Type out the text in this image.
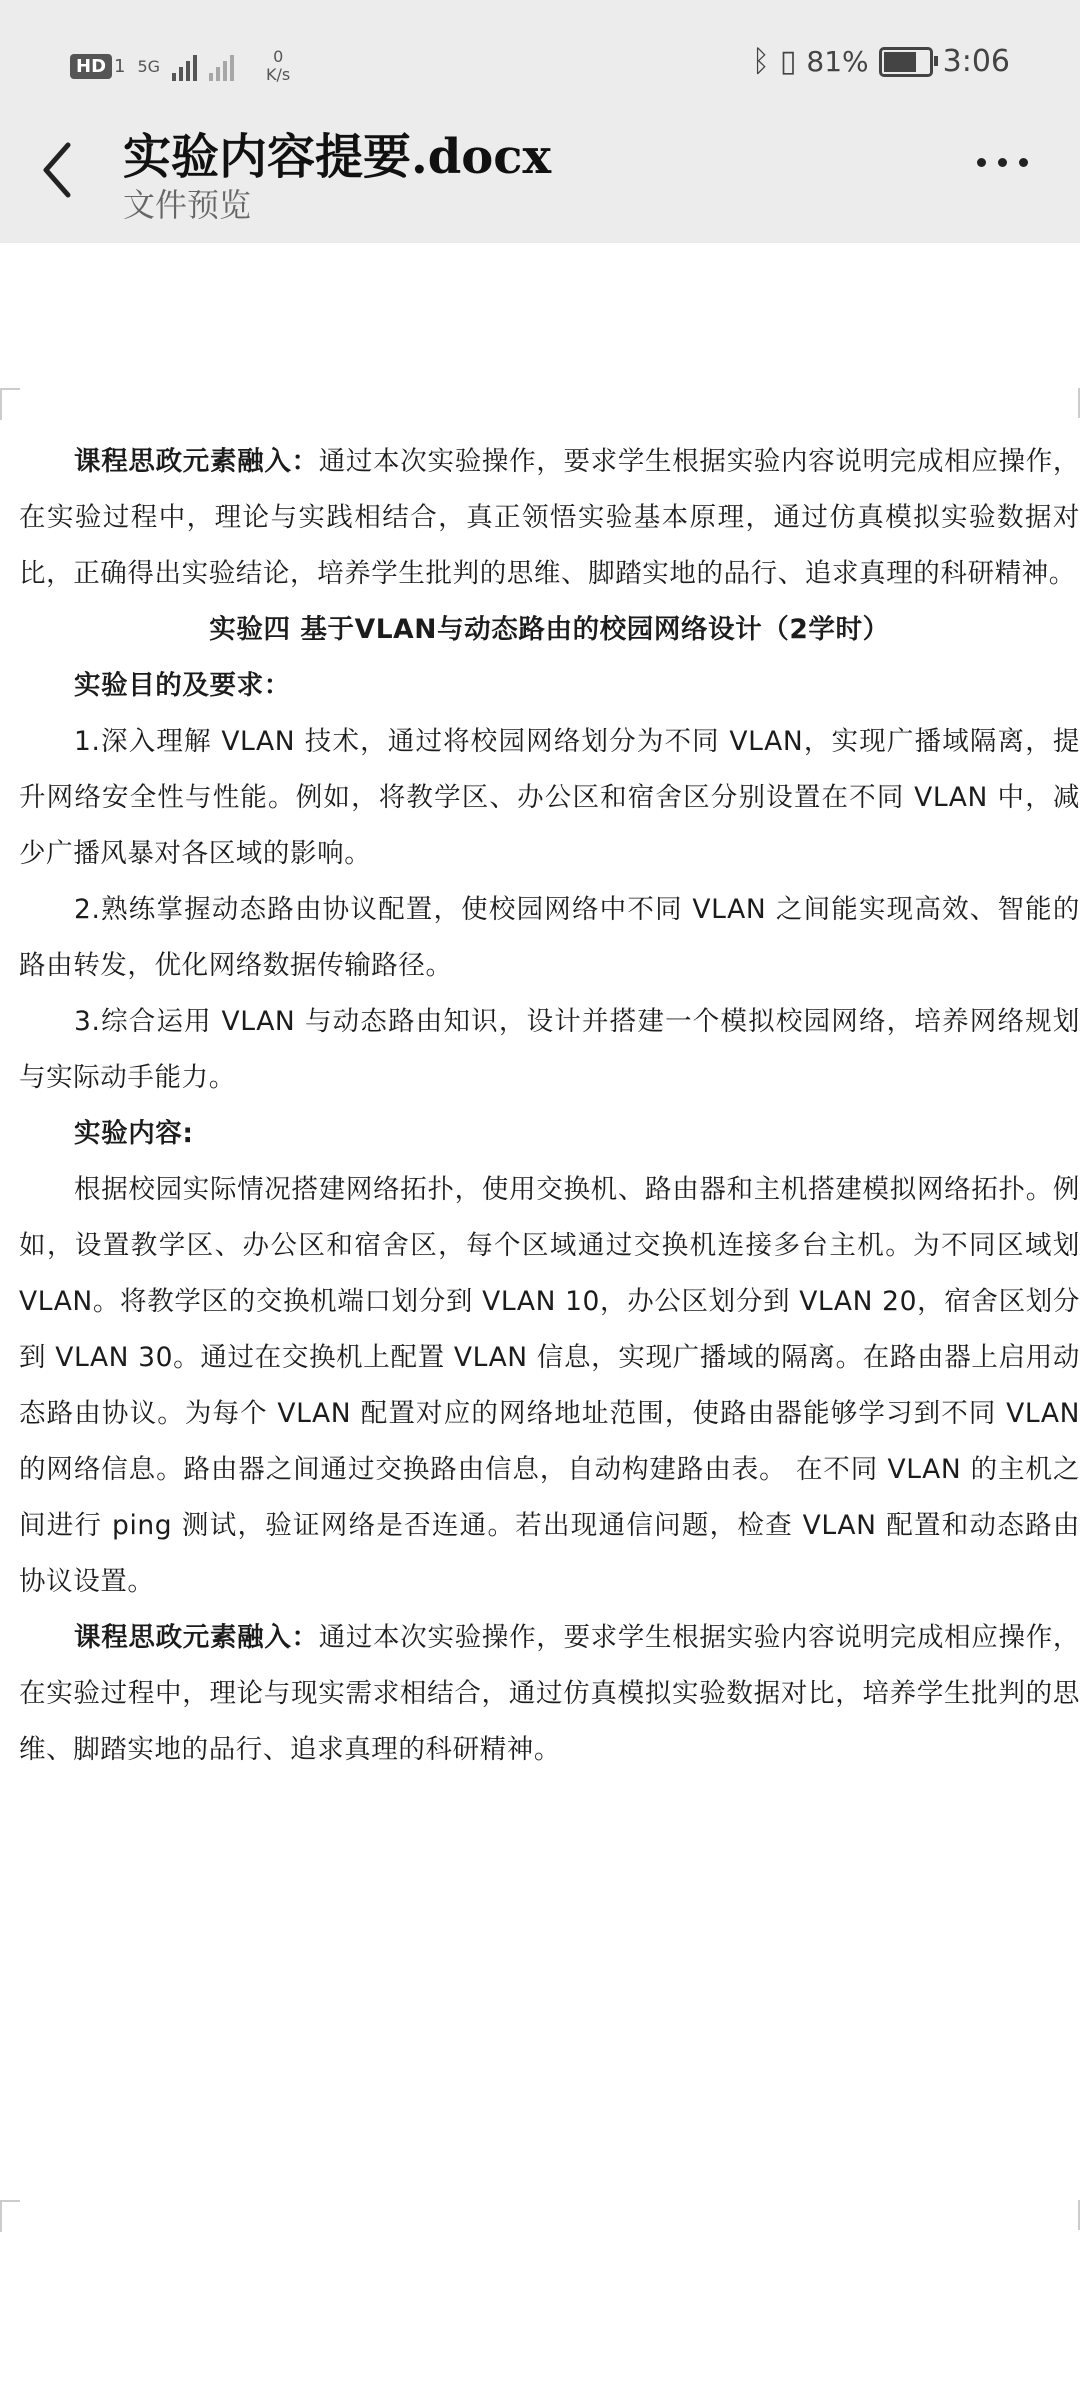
HD 1 5G	0
K/s	ᛒ ▯ 81% 3:06
实验内容提要.docx
文件预览

课程思政元素融入：通过本次实验操作，要求学生根据实验内容说明完成相应操作，在实验过程中，理论与实践相结合，真正领悟实验基本原理，通过仿真模拟实验数据对比，正确得出实验结论，培养学生批判的思维、脚踏实地的品行、追求真理的科研精神。

实验四 基于VLAN与动态路由的校园网络设计（2学时）

实验目的及要求：

1.深入理解 VLAN 技术，通过将校园网络划分为不同 VLAN，实现广播域隔离，提升网络安全性与性能。例如，将教学区、办公区和宿舍区分别设置在不同 VLAN 中，减少广播风暴对各区域的影响。

2.熟练掌握动态路由协议配置，使校园网络中不同 VLAN 之间能实现高效、智能的路由转发，优化网络数据传输路径。

3.综合运用 VLAN 与动态路由知识，设计并搭建一个模拟校园网络，培养网络规划与实际动手能力。

实验内容:

根据校园实际情况搭建网络拓扑，使用交换机、路由器和主机搭建模拟网络拓扑。例如，设置教学区、办公区和宿舍区，每个区域通过交换机连接多台主机。为不同区域划VLAN。将教学区的交换机端口划分到 VLAN 10，办公区划分到 VLAN 20，宿舍区划分到 VLAN 30。通过在交换机上配置 VLAN 信息，实现广播域的隔离。在路由器上启用动态路由协议。为每个 VLAN 配置对应的网络地址范围，使路由器能够学习到不同 VLAN 的网络信息。路由器之间通过交换路由信息，自动构建路由表。 在不同 VLAN 的主机之间进行 ping 测试，验证网络是否连通。若出现通信问题，检查 VLAN 配置和动态路由协议设置。

课程思政元素融入：通过本次实验操作，要求学生根据实验内容说明完成相应操作，在实验过程中，理论与现实需求相结合，通过仿真模拟实验数据对比，培养学生批判的思维、脚踏实地的品行、追求真理的科研精神。
